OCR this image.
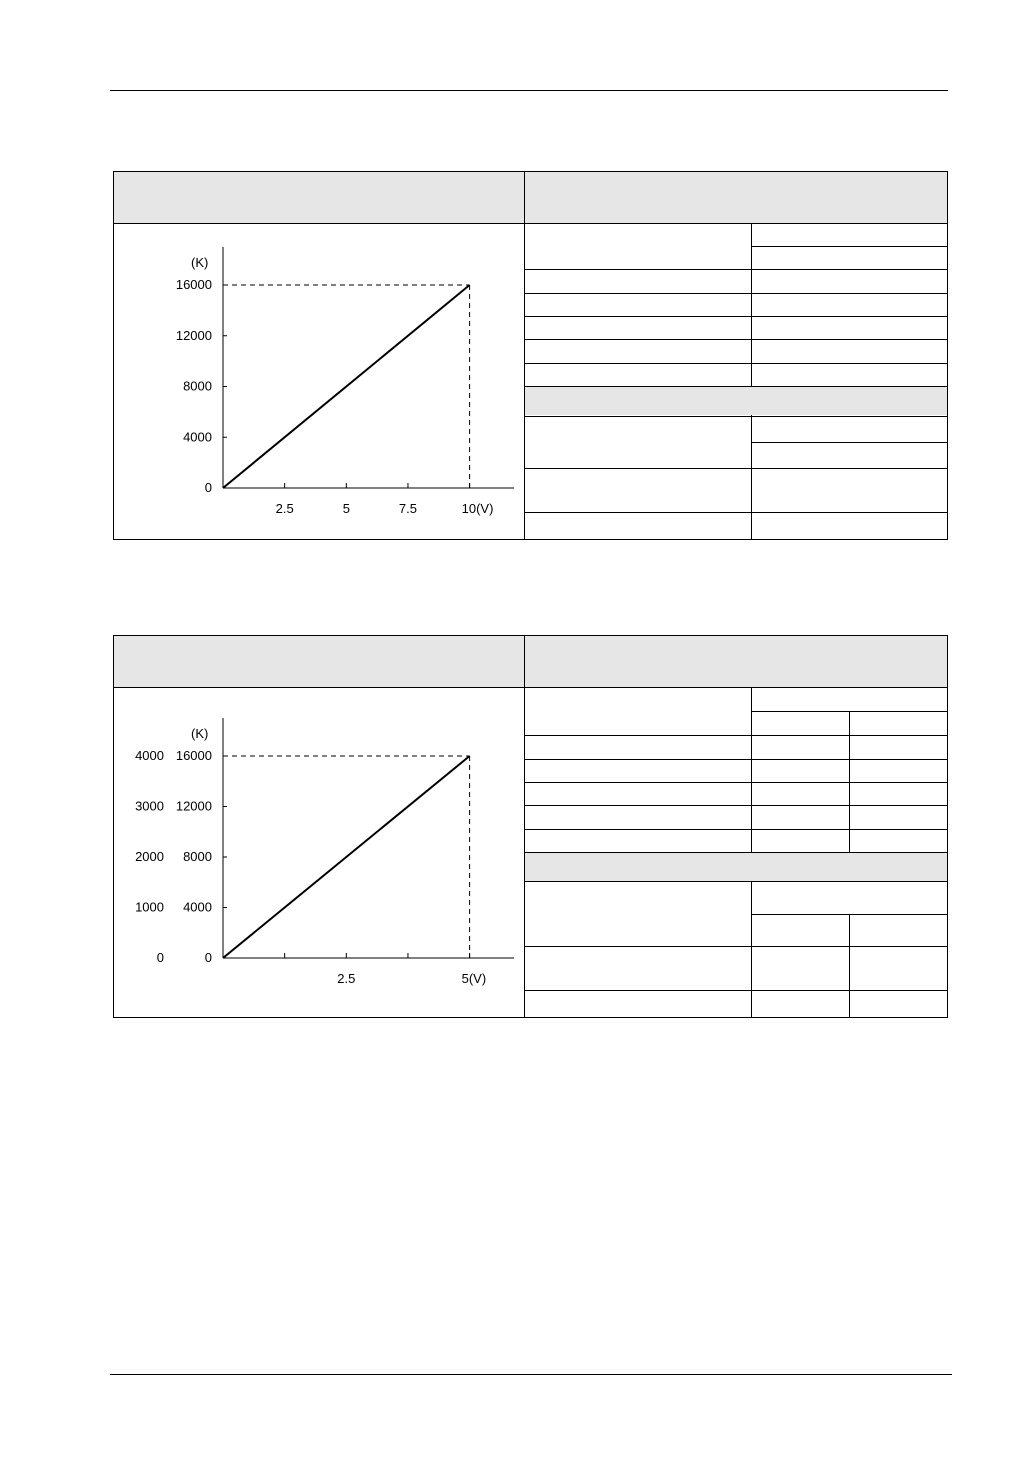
0
4000
8000
12000
16000
(K)
2.5	5	7.5	10(V)
0
0
4000
1000
8000
2000
12000
3000
16000
4000
(K)
2.5	5(V)
